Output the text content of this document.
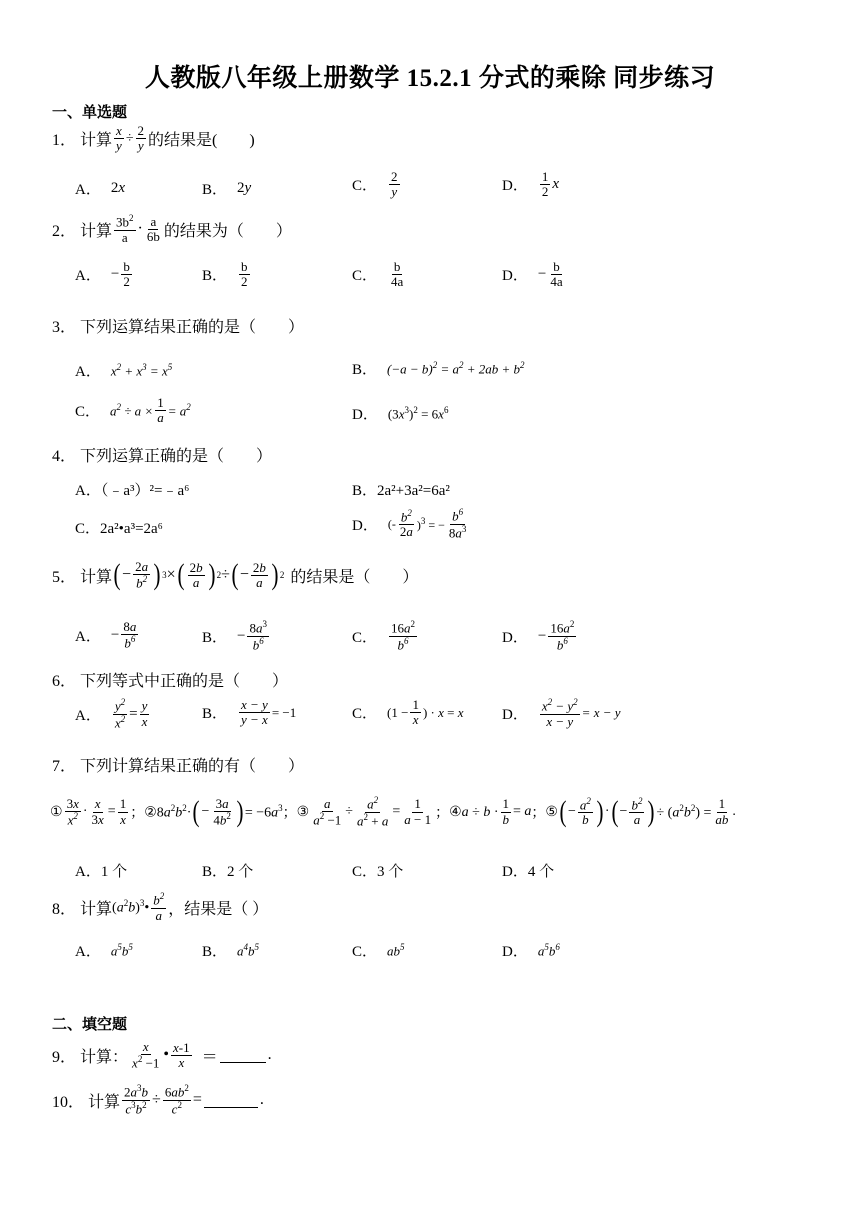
人教版八年级上册数学 15.2.1 分式的乘除 同步练习
一、单选题
1． 计算 $\frac{x}{y} \div \frac{2}{y}$ 的结果是(　　)
A． 2x	B． 2y	C． $\frac{2}{y}$	D． $\frac{1}{2}$ x
2． 计算 $\frac{3b^2}{a} \cdot \frac{a}{6b}$ 的结果为（　　）
A． − $\frac{b}{2}$	B． $\frac{b}{2}$	C． $\frac{b}{4a}$	D． − $\frac{b}{4a}$
3． 下列运算结果正确的是（　　）
A． $x^2 + x^3 = x^5$	B． $(-a - b)^2 = a^2 + 2ab + b^2$
C． $a^2 \div a \times \frac{1}{a} = a^2$	D． $(3x^3)^2 = 6x^6$
4． 下列运算正确的是（　　）
A．（﹣a³）²=﹣a⁶	B．2a²+3a²=6a²
C．2a²•a³=2a⁶	D． (- $\frac{b^2}{2a} )^3$ = − $\frac{b^6}{8a^3}$
5． 计算 ( − $\frac{2a}{b^2}$ ) 3 × ( $\frac{2b}{a}$ ) 2 ÷ ( − $\frac{2b}{a}$ ) 2 的结果是（　　）
A． − $\frac{8a}{b^6}$	B． − $\frac{8a^3}{b^6}$	C． $\frac{16a^2}{b^6}$	D． − $\frac{16a^2}{b^6}$
6． 下列等式中正确的是（　　）
A． $\frac{y^2}{x^2} = \frac{y}{x}$	B． $\frac{x - y}{y - x} = -1$	C． ($1 - \frac{1}{x}$ ) · x = x	D． $\frac{x^2 - y^2}{x - y} = x - y$
7． 下列计算结果正确的有（　　）
① $\frac{3x}{x^2} \cdot \frac{x}{3x} = \frac{1}{x}$ ； $②8a^2b^2\cdot$ ( − $\frac{3a}{4b^2}$ ) = $-6a^3$ ； ③ $\frac{a}{a^2 -1} \div \frac{a^2}{a^2 + a} = \frac{1}{a - 1}$ ； ④a ÷ $b \cdot \frac{1}{b} = a$ ； ⑤ ( − $\frac{a^2}{b}$ ) · ( − $\frac{b^2}{a}$ ) ÷ $(a^2b^2) = \frac{1}{ab}$ .
A．1 个	B．2 个	C．3 个	D．4 个
8． 计算 $(a^2b)^3• \frac{b^2}{a}$ ，结果是（ ）
A． $a^5b^5$	B． $a^4b^5$	C． $ab^5$	D． $a^5b^6$
二、填空题
9． 计算： $\frac{x}{x^2 -1}$ • $\frac{x-1}{x}$ ＝	.
10． 计算 $\frac{2a^3b}{c^3b^2} \div \frac{6ab^2}{c^2}$ =	.
